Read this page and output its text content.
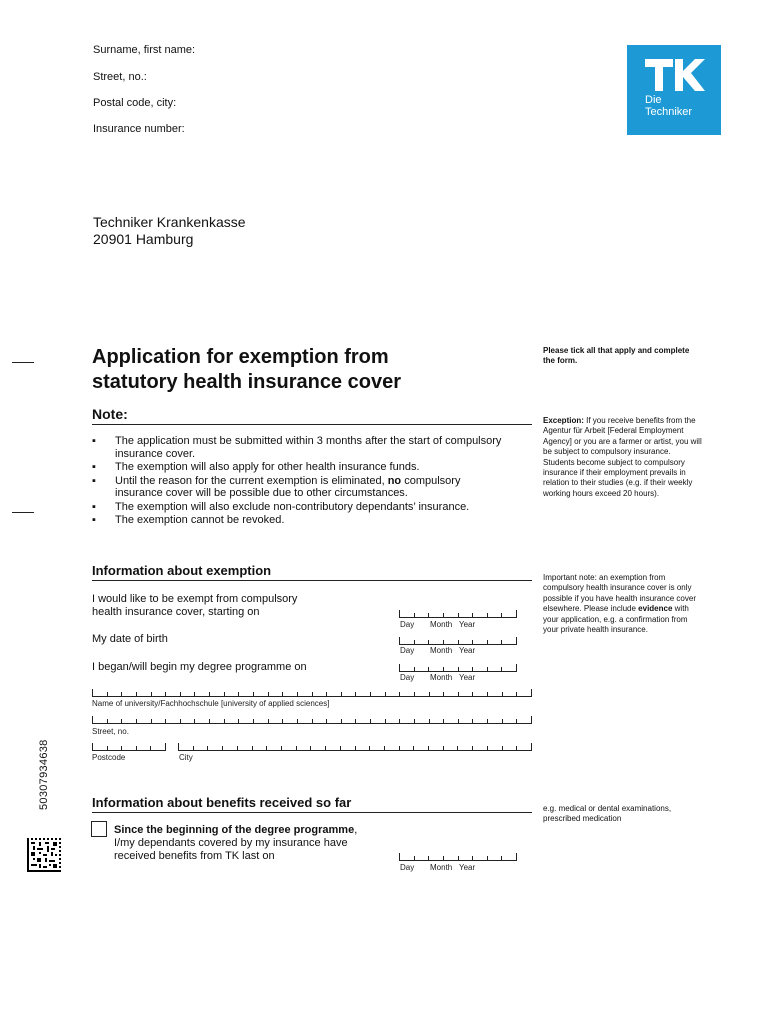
Surname, first name:
Street, no.:
Postal code, city:
Insurance number:
Die
Techniker
Techniker Krankenkasse
20901 Hamburg
Application for exemption from
statutory health insurance cover
Please tick all that apply and complete
the form.
Note:
▪ The application must be submitted within 3 months after the start of compulsory
insurance cover.
▪ The exemption will also apply for other health insurance funds.
▪ Until the reason for the current exemption is eliminated, no compulsory
insurance cover will be possible due to other circumstances.
▪ The exemption will also exclude non-contributory dependants’ insurance.
▪ The exemption cannot be revoked.
Exception: If you receive benefits from the
Agentur für Arbeit [Federal Employment
Agency] or you are a farmer or artist, you will
be subject to compulsory insurance.
Students become subject to compulsory
insurance if their employment prevails in
relation to their studies (e.g. if their weekly
working hours exceed 20 hours).
Information about exemption
I would like to be exempt from compulsory
health insurance cover, starting on
My date of birth
I began/will begin my degree programme on
Day Month Year
Day Month Year
Day Month Year
Name of university/Fachhochschule [university of applied sciences]
Street, no.
Postcode	City
Important note: an exemption from
compulsory health insurance cover is only
possible if you have health insurance cover
elsewhere. Please include evidence with
your application, e.g. a confirmation from
your private health insurance.
50307934638	Information about benefits received so far
Since the beginning of the degree programme,
I/my dependants covered by my insurance have
received benefits from TK last on
Day Month Year
e.g. medical or dental examinations,
prescribed medication
